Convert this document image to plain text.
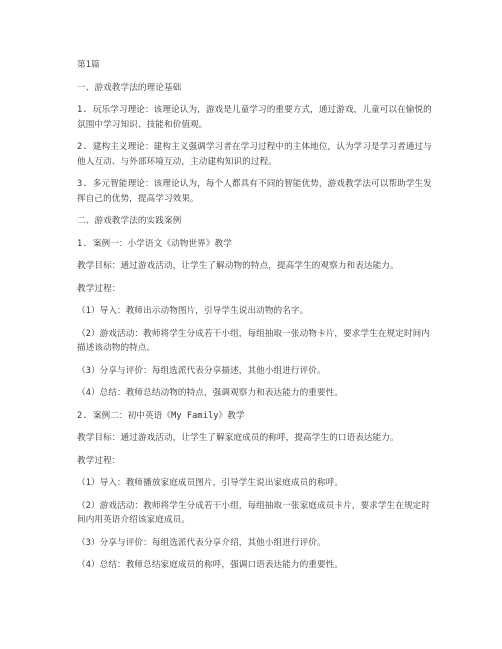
第1篇
一、游戏教学法的理论基础
1. 玩乐学习理论：该理论认为，游戏是儿童学习的重要方式，通过游戏，儿童可以在愉悦的氛围中学习知识、技能和价值观。
2. 建构主义理论：建构主义强调学习者在学习过程中的主体地位，认为学习是学习者通过与他人互动、与外部环境互动，主动建构知识的过程。
3. 多元智能理论：该理论认为，每个人都具有不同的智能优势，游戏教学法可以帮助学生发挥自己的优势，提高学习效果。
二、游戏教学法的实践案例
1. 案例一：小学语文《动物世界》教学
教学目标：通过游戏活动，让学生了解动物的特点，提高学生的观察力和表达能力。
教学过程：
（1）导入：教师出示动物图片，引导学生说出动物的名字。
（2）游戏活动：教师将学生分成若干小组，每组抽取一张动物卡片，要求学生在规定时间内描述该动物的特点。
（3）分享与评价：每组选派代表分享描述，其他小组进行评价。
（4）总结：教师总结动物的特点，强调观察力和表达能力的重要性。
2. 案例二：初中英语《My Family》教学
教学目标：通过游戏活动，让学生了解家庭成员的称呼，提高学生的口语表达能力。
教学过程：
（1）导入：教师播放家庭成员图片，引导学生说出家庭成员的称呼。
（2）游戏活动：教师将学生分成若干小组，每组抽取一张家庭成员卡片，要求学生在规定时间内用英语介绍该家庭成员。
（3）分享与评价：每组选派代表分享介绍，其他小组进行评价。
（4）总结：教师总结家庭成员的称呼，强调口语表达能力的重要性。
